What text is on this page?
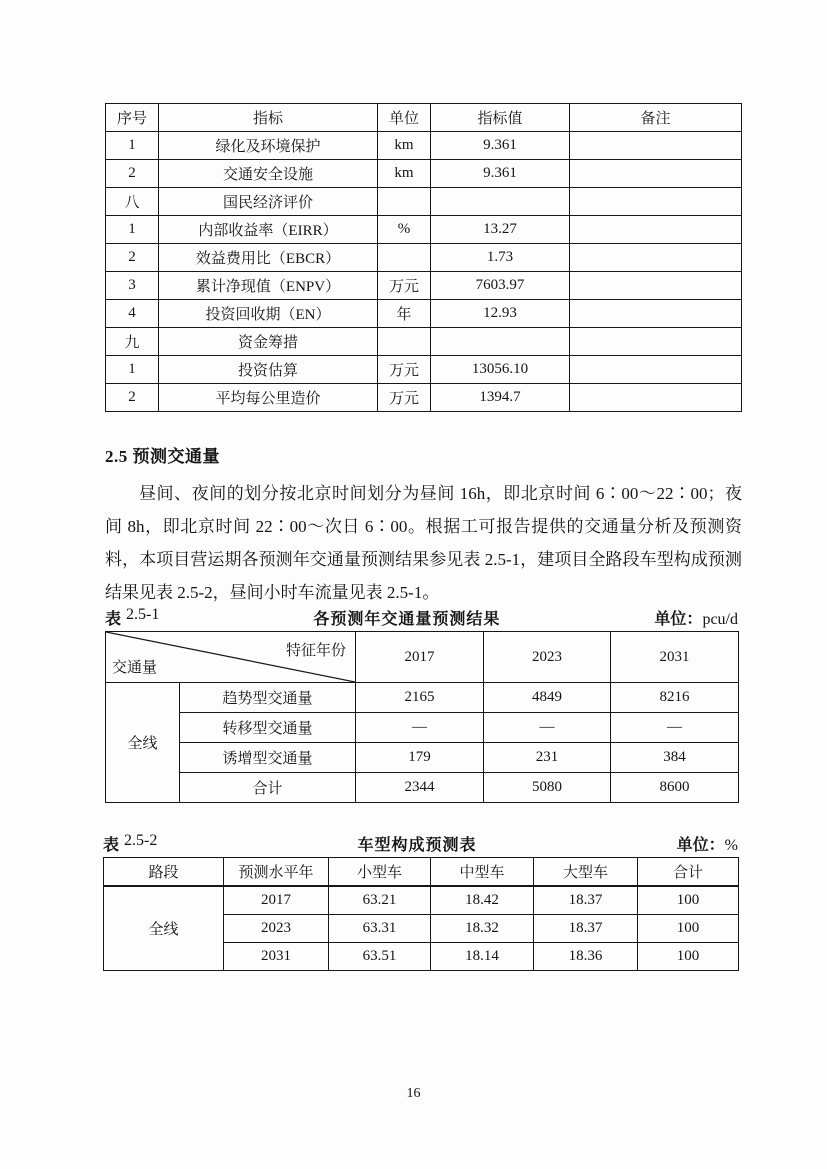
序号	指标	单位	指标值	备注
1	绿化及环境保护	km	9.361	
2	交通安全设施	km	9.361	
八	国民经济评价			
1	内部收益率（EIRR）	%	13.27	
2	效益费用比（EBCR）		1.73	
3	累计净现值（ENPV）	万元	7603.97	
4	投资回收期（EN）	年	12.93	
九	资金筹措			
1	投资估算	万元	13056.10	
2	平均每公里造价	万元	1394.7	
2.5 预测交通量
昼间、夜间的划分按北京时间划分为昼间 16h，即北京时间 6∶00～22∶00；夜间 8h，即北京时间 22∶00～次日 6∶00。根据工可报告提供的交通量分析及预测资料，本项目营运期各预测年交通量预测结果参见表 2.5-1，建项目全路段车型构成预测结果见表 2.5-2，昼间小时车流量见表 2.5-1。
表 2.5-1	各预测年交通量预测结果	单位：pcu/d
特征年份
交通量		2017	2023	2031
全线	趋势型交通量	2165	4849	8216
	转移型交通量	—	—	—
	诱增型交通量	179	231	384
	合计	2344	5080	8600
表 2.5-2	车型构成预测表	单位：%
路段	预测水平年	小型车	中型车	大型车	合计
全线	2017	63.21	18.42	18.37	100
	2023	63.31	18.32	18.37	100
	2031	63.51	18.14	18.36	100
16
